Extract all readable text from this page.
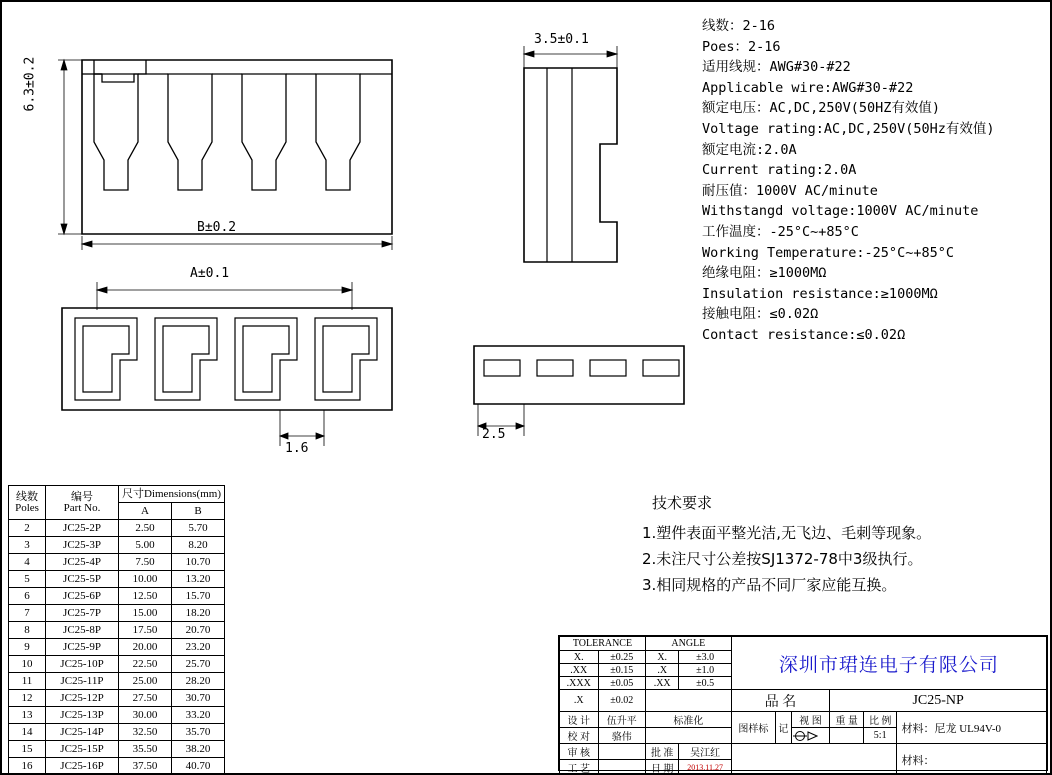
6.3±0.2
B±0.2
A±0.1
1.6
3.5±0.1
2.5
线数：2-16
Poes：2-16
适用线规：AWG#30-#22
Applicable wire:AWG#30-#22
额定电压：AC,DC,250V(50HZ有效值)
Voltage rating:AC,DC,250V(50Hz有效值)
额定电流:2.0A
Current rating:2.0A
耐压值：1000V AC/minute
Withstangd voltage:1000V AC/minute
工作温度：-25°C~+85°C
Working Temperature:-25°C~+85°C
绝缘电阻：≥1000MΩ
Insulation resistance:≥1000MΩ
接触电阻：≤0.02Ω
Contact resistance:≤0.02Ω
技术要求
1.塑件表面平整光洁,无飞边、毛刺等现象。
2.未注尺寸公差按SJ1372-78中3级执行。
3.相同规格的产品不同厂家应能互换。
线数
Poles

编号
Part No.
	尺寸Dimensions(mm)
		A	B
2	JC25-2P	2.50	5.70
3	JC25-3P	5.00	8.20
4	JC25-4P	7.50	10.70
5	JC25-5P	10.00	13.20
6	JC25-6P	12.50	15.70
7	JC25-7P	15.00	18.20
8	JC25-8P	17.50	20.70
9	JC25-9P	20.00	23.20
10	JC25-10P	22.50	25.70
11	JC25-11P	25.00	28.20
12	JC25-12P	27.50	30.70
13	JC25-13P	30.00	33.20
14	JC25-14P	32.50	35.70
15	JC25-15P	35.50	38.20
16	JC25-16P	37.50	40.70
TOLERANCE		ANGLE		深圳市珺连电子有限公司					
X.	±0.25	X.	±3.0						
.XX	±0.15	.X	±1.0						
.XXX	±0.05	.XX	±0.5						
.X	±0.02			品 名			JC25-NP		
设 计	伍升平	标准化		图样标	记	视 图	重 量	比 例	材料：尼龙 UL94V-0
校 对	骆伟							5:1	
审 核		批 准	吴江红						材料：
工 艺		日 期	2013.11.27						
